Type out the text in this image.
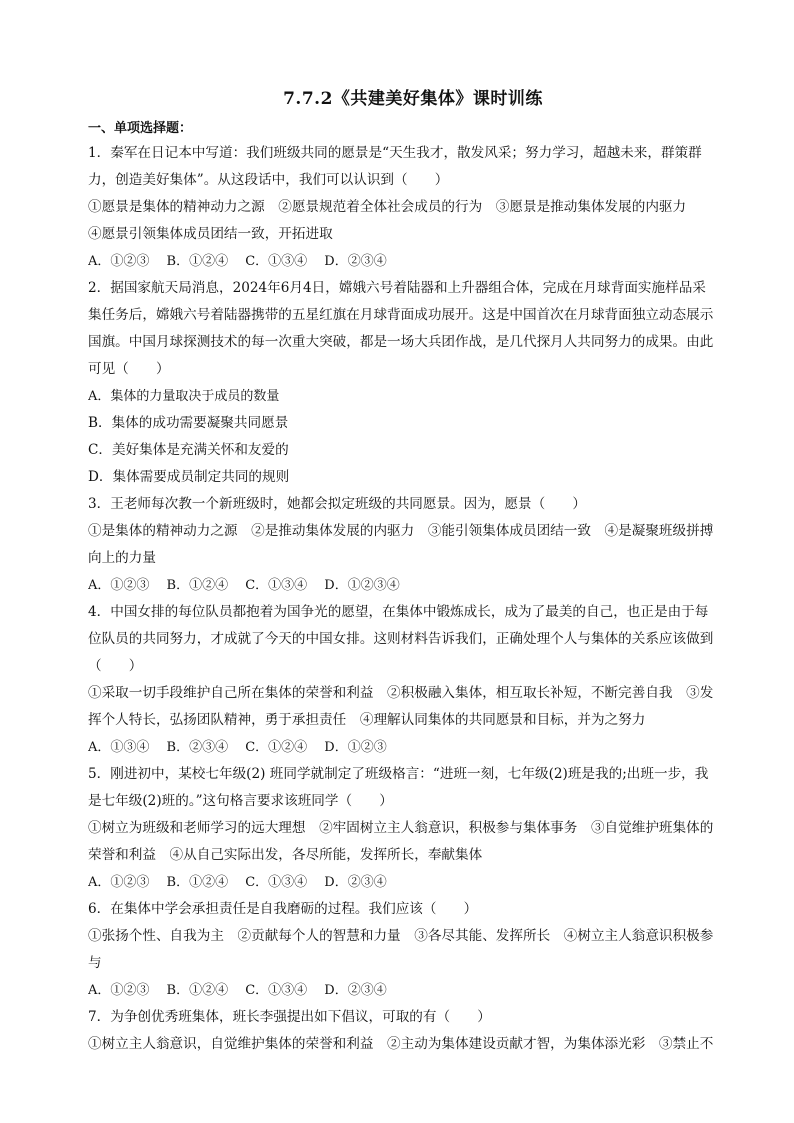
7.7.2《共建美好集体》课时训练
一、单项选择题：
1．秦军在日记本中写道：我们班级共同的愿景是“天生我才，散发风采；努力学习，超越未来，群策群
力，创造美好集体”。从这段话中，我们可以认识到（　　）
①愿景是集体的精神动力之源　②愿景规范着全体社会成员的行为　③愿景是推动集体发展的内驱力
④愿景引领集体成员团结一致，开拓进取
A．①②③　 B．①②④　 C．①③④　 D．②③④
2．据国家航天局消息，2024年6月4日，嫦娥六号着陆器和上升器组合体，完成在月球背面实施样品采
集任务后，嫦娥六号着陆器携带的五星红旗在月球背面成功展开。这是中国首次在月球背面独立动态展示
国旗。中国月球探测技术的每一次重大突破，都是一场大兵团作战，是几代探月人共同努力的成果。由此
可见（　　）
A．集体的力量取决于成员的数量
B．集体的成功需要凝聚共同愿景
C．美好集体是充满关怀和友爱的
D．集体需要成员制定共同的规则
3．王老师每次教一个新班级时，她都会拟定班级的共同愿景。因为，愿景（　　）
①是集体的精神动力之源　②是推动集体发展的内驱力　③能引领集体成员团结一致　④是凝聚班级拼搏
向上的力量
A．①②③　 B．①②④　 C．①③④　 D．①②③④
4．中国女排的每位队员都抱着为国争光的愿望，在集体中锻炼成长，成为了最美的自己，也正是由于每
位队员的共同努力，才成就了今天的中国女排。这则材料告诉我们，正确处理个人与集体的关系应该做到
（　　）
①采取一切手段维护自己所在集体的荣誉和利益　②积极融入集体，相互取长补短，不断完善自我　③发
挥个人特长，弘扬团队精神，勇于承担责任　④理解认同集体的共同愿景和目标，并为之努力
A．①③④　 B．②③④　 C．①②④　 D．①②③
5．刚进初中，某校七年级(2) 班同学就制定了班级格言：“进班一刻，七年级(2)班是我的;出班一步，我
是七年级(2)班的。”这句格言要求该班同学（　　）
①树立为班级和老师学习的远大理想　②牢固树立主人翁意识，积极参与集体事务　③自觉维护班集体的
荣誉和利益　④从自己实际出发，各尽所能，发挥所长，奉献集体
A．①②③　 B．①②④　 C．①③④　 D．②③④
6．在集体中学会承担责任是自我磨砺的过程。我们应该（　　）
①张扬个性、自我为主　②贡献每个人的智慧和力量　③各尽其能、发挥所长　④树立主人翁意识积极参
与
A．①②③　 B．①②④　 C．①③④　 D．②③④
7．为争创优秀班集体，班长李强提出如下倡议，可取的有（　　）
①树立主人翁意识，自觉维护集体的荣誉和利益　②主动为集体建设贡献才智，为集体添光彩　③禁止不
